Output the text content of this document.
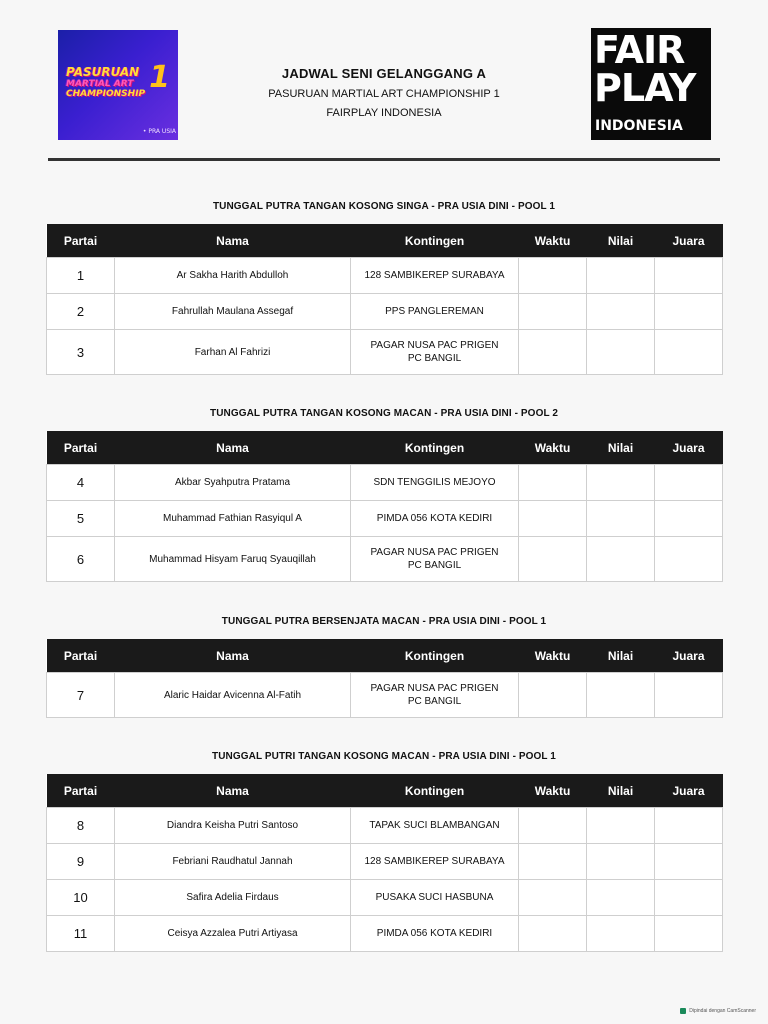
PASURUAN
MARTIAL ART
CHAMPIONSHIP 1
• PRA USIA
JADWAL SENI GELANGGANG A
PASURUAN MARTIAL ART CHAMPIONSHIP 1
FAIRPLAY INDONESIA
FAIR
PLAY
INDONESIA
TUNGGAL PUTRA TANGAN KOSONG SINGA - PRA USIA DINI - POOL 1
Partai	Nama	Kontingen	Waktu	Nilai	Juara
1	Ar Sakha Harith Abdulloh	128 SAMBIKEREP SURABAYA			

2	Fahrullah Maulana Assegaf	PPS PANGLEREMAN			

3	Farhan Al Fahrizi	PAGAR NUSA PAC PRIGEN
PC BANGIL			

TUNGGAL PUTRA TANGAN KOSONG MACAN - PRA USIA DINI - POOL 2
Partai	Nama	Kontingen	Waktu	Nilai	Juara
4	Akbar Syahputra Pratama	SDN TENGGILIS MEJOYO			

5	Muhammad Fathian Rasyiqul A	PIMDA 056 KOTA KEDIRI			

6	Muhammad Hisyam Faruq Syauqillah	PAGAR NUSA PAC PRIGEN
PC BANGIL			

TUNGGAL PUTRA BERSENJATA MACAN - PRA USIA DINI - POOL 1
Partai	Nama	Kontingen	Waktu	Nilai	Juara
7	Alaric Haidar Avicenna Al-Fatih	PAGAR NUSA PAC PRIGEN
PC BANGIL			

TUNGGAL PUTRI TANGAN KOSONG MACAN - PRA USIA DINI - POOL 1
Partai	Nama	Kontingen	Waktu	Nilai	Juara
8	Diandra Keisha Putri Santoso	TAPAK SUCI BLAMBANGAN			

9	Febriani Raudhatul Jannah	128 SAMBIKEREP SURABAYA			

10	Safira Adelia Firdaus	PUSAKA SUCI HASBUNA			

11	Ceisya Azzalea Putri Artiyasa	PIMDA 056 KOTA KEDIRI			

Dipindai dengan CamScanner
